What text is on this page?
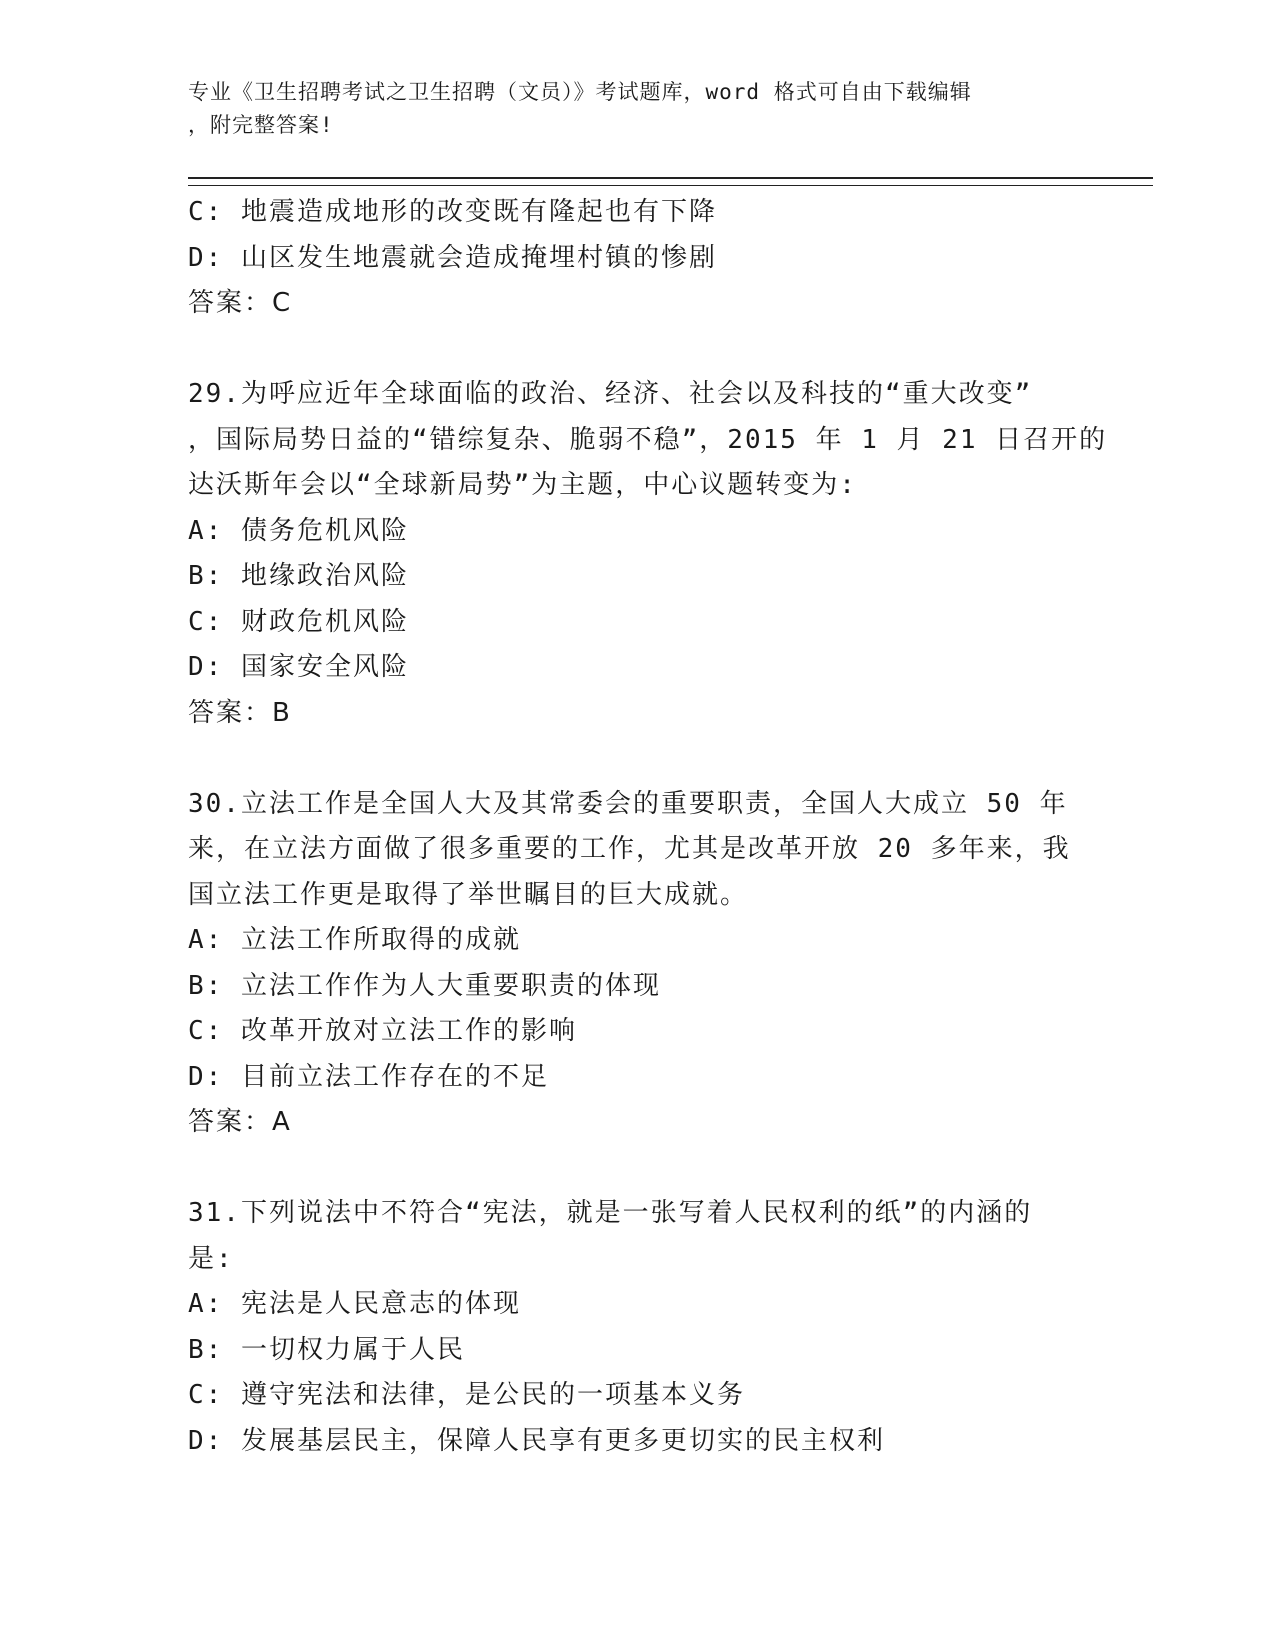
专业《卫生招聘考试之卫生招聘（文员）》考试题库，word 格式可自由下载编辑
，附完整答案!
C: 地震造成地形的改变既有隆起也有下降
D: 山区发生地震就会造成掩埋村镇的惨剧
答案：C
29.为呼应近年全球面临的政治、经济、社会以及科技的“重大改变”
，国际局势日益的“错综复杂、脆弱不稳”，2015 年 1 月 21 日召开的
达沃斯年会以“全球新局势”为主题，中心议题转变为:
A: 债务危机风险
B: 地缘政治风险
C: 财政危机风险
D: 国家安全风险
答案：B
30.立法工作是全国人大及其常委会的重要职责，全国人大成立 50 年
来，在立法方面做了很多重要的工作，尤其是改革开放 20 多年来，我
国立法工作更是取得了举世瞩目的巨大成就。
A: 立法工作所取得的成就
B: 立法工作作为人大重要职责的体现
C: 改革开放对立法工作的影响
D: 目前立法工作存在的不足
答案：A
31.下列说法中不符合“宪法，就是一张写着人民权利的纸”的内涵的
是:
A: 宪法是人民意志的体现
B: 一切权力属于人民
C: 遵守宪法和法律，是公民的一项基本义务
D: 发展基层民主，保障人民享有更多更切实的民主权利
